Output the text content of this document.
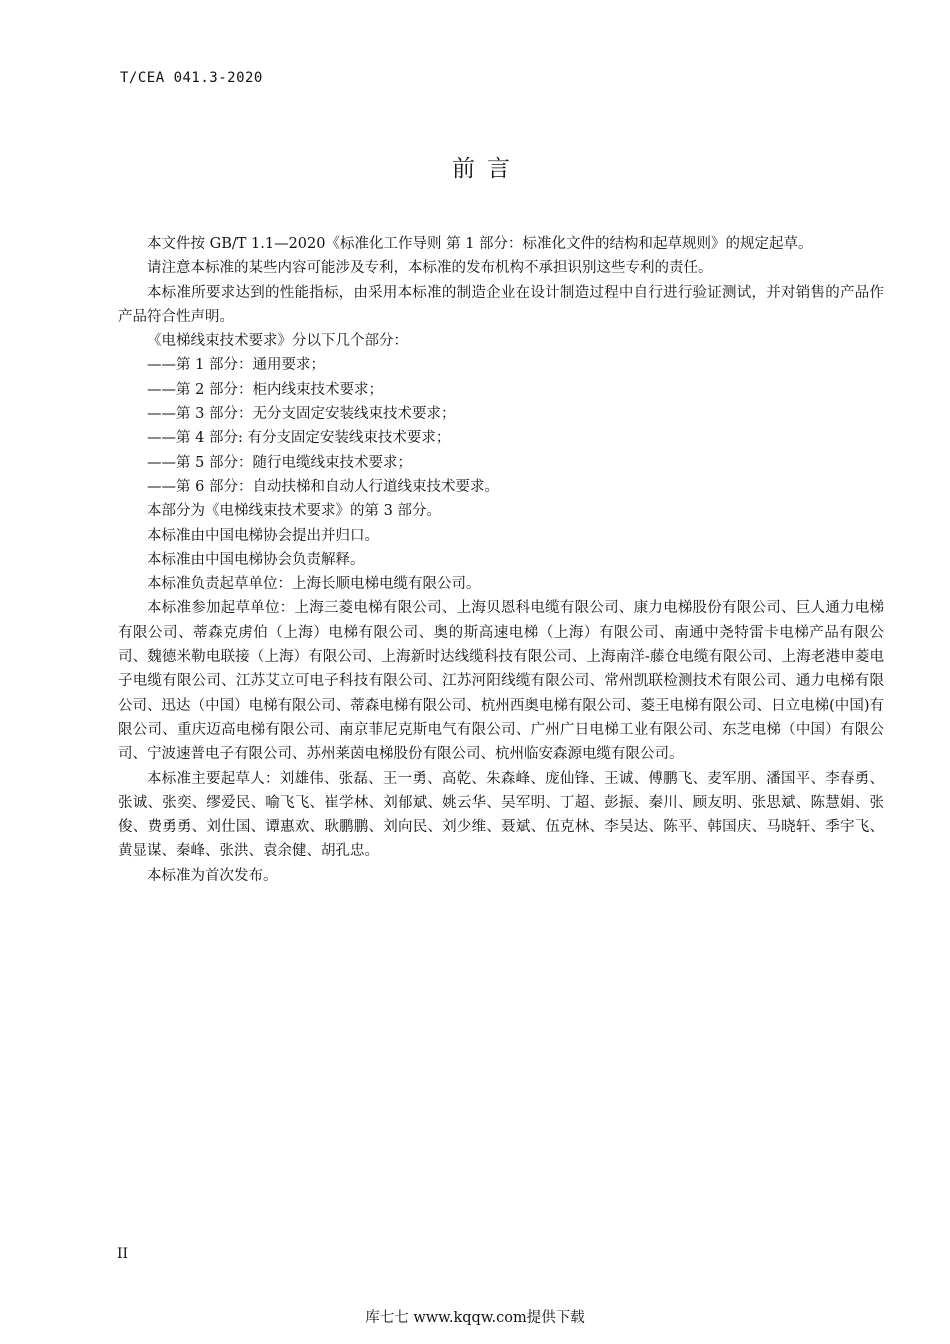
T/CEA 041.3-2020
前言

本文件按 GB/T 1.1—2020《标准化工作导则 第 1 部分：标准化文件的结构和起草规则》的规定起草。

请注意本标准的某些内容可能涉及专利，本标准的发布机构不承担识别这些专利的责任。

本标准所要求达到的性能指标，由采用本标准的制造企业在设计制造过程中自行进行验证测试，并对销售的产品作产品符合性声明。

《电梯线束技术要求》分以下几个部分：

——第 1 部分：通用要求；

——第 2 部分：柜内线束技术要求；

——第 3 部分：无分支固定安装线束技术要求；

——第 4 部分: 有分支固定安装线束技术要求；

——第 5 部分：随行电缆线束技术要求；

——第 6 部分：自动扶梯和自动人行道线束技术要求。

本部分为《电梯线束技术要求》的第 3 部分。

本标准由中国电梯协会提出并归口。

本标准由中国电梯协会负责解释。

本标准负责起草单位：上海长顺电梯电缆有限公司。

本标准参加起草单位：上海三菱电梯有限公司、上海贝恩科电缆有限公司、康力电梯股份有限公司、巨人通力电梯有限公司、蒂森克虏伯（上海）电梯有限公司、奥的斯高速电梯（上海）有限公司、南通中尧特雷卡电梯产品有限公司、魏德米勒电联接（上海）有限公司、上海新时达线缆科技有限公司、上海南洋-藤仓电缆有限公司、上海老港申菱电子电缆有限公司、江苏艾立可电子科技有限公司、江苏河阳线缆有限公司、常州凯联检测技术有限公司、通力电梯有限公司、迅达（中国）电梯有限公司、蒂森电梯有限公司、杭州西奥电梯有限公司、菱王电梯有限公司、日立电梯(中国)有限公司、重庆迈高电梯有限公司、南京菲尼克斯电气有限公司、广州广日电梯工业有限公司、东芝电梯（中国）有限公司、宁波速普电子有限公司、苏州莱茵电梯股份有限公司、杭州临安森源电缆有限公司。

本标准主要起草人：刘雄伟、张磊、王一勇、高乾、朱森峰、庞仙锋、王诚、傅鹏飞、麦军朋、潘国平、李春勇、张诚、张奕、缪爱民、喻飞飞、崔学林、刘郁斌、姚云华、吴军明、丁超、彭振、秦川、顾友明、张思斌、陈慧娟、张俊、费勇勇、刘仕国、谭惠欢、耿鹏鹏、刘向民、刘少维、聂斌、伍克林、李吴达、陈平、韩国庆、马晓轩、季宇飞、黄显谋、秦峰、张洪、袁余健、胡孔忠。

本标准为首次发布。

II
库七七 www.kqqw.com提供下载
